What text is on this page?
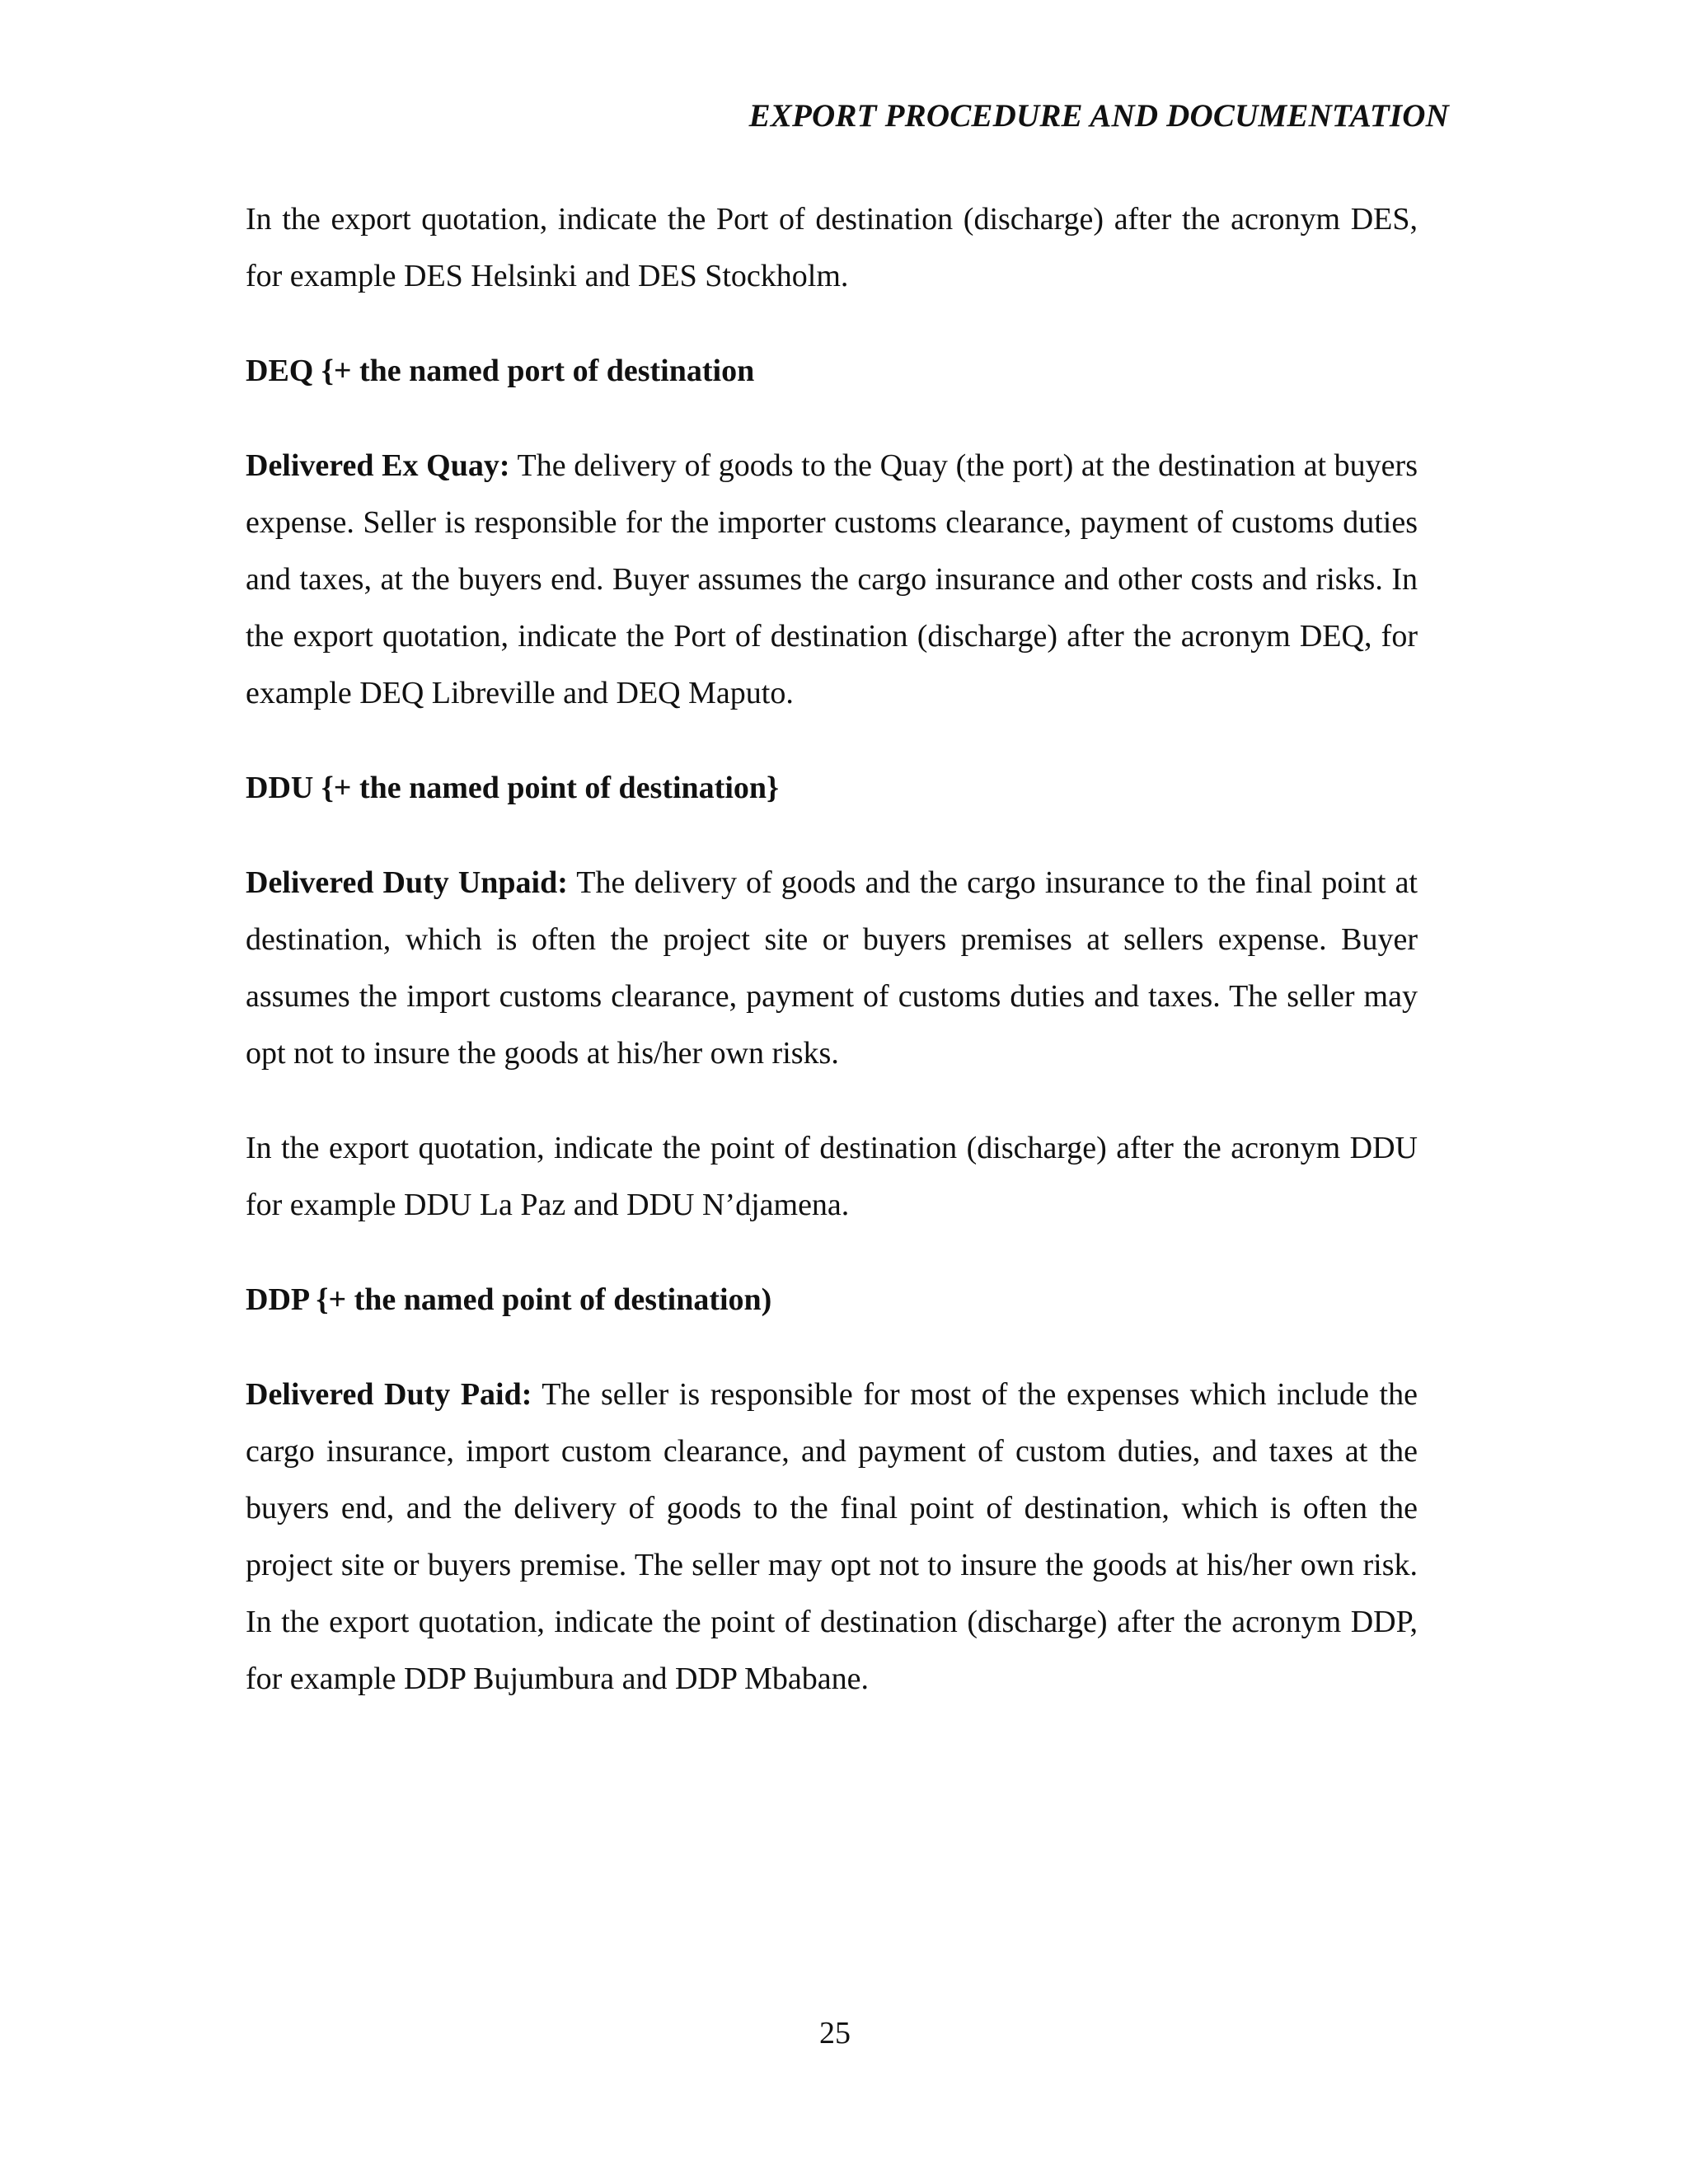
EXPORT PROCEDURE AND DOCUMENTATION

In the export quotation, indicate the Port of destination (discharge) after the acronym DES, for example DES Helsinki and DES Stockholm.

DEQ {+ the named port of destination

Delivered Ex Quay: The delivery of goods to the Quay (the port) at the destination at buyers expense. Seller is responsible for the importer customs clearance, payment of customs duties and taxes, at the buyers end. Buyer assumes the cargo insurance and other costs and risks. In the export quotation, indicate the Port of destination (discharge) after the acronym DEQ, for example DEQ Libreville and DEQ Maputo.

DDU {+ the named point of destination}

Delivered Duty Unpaid: The delivery of goods and the cargo insurance to the final point at destination, which is often the project site or buyers premises at sellers expense. Buyer assumes the import customs clearance, payment of customs duties and taxes. The seller may opt not to insure the goods at his/her own risks.

In the export quotation, indicate the point of destination (discharge) after the acronym DDU for example DDU La Paz and DDU N’djamena.

DDP {+ the named point of destination)

Delivered Duty Paid: The seller is responsible for most of the expenses which include the cargo insurance, import custom clearance, and payment of custom duties, and taxes at the buyers end, and the delivery of goods to the final point of destination, which is often the project site or buyers premise. The seller may opt not to insure the goods at his/her own risk. In the export quotation, indicate the point of destination (discharge) after the acronym DDP, for example DDP Bujumbura and DDP Mbabane.

25
